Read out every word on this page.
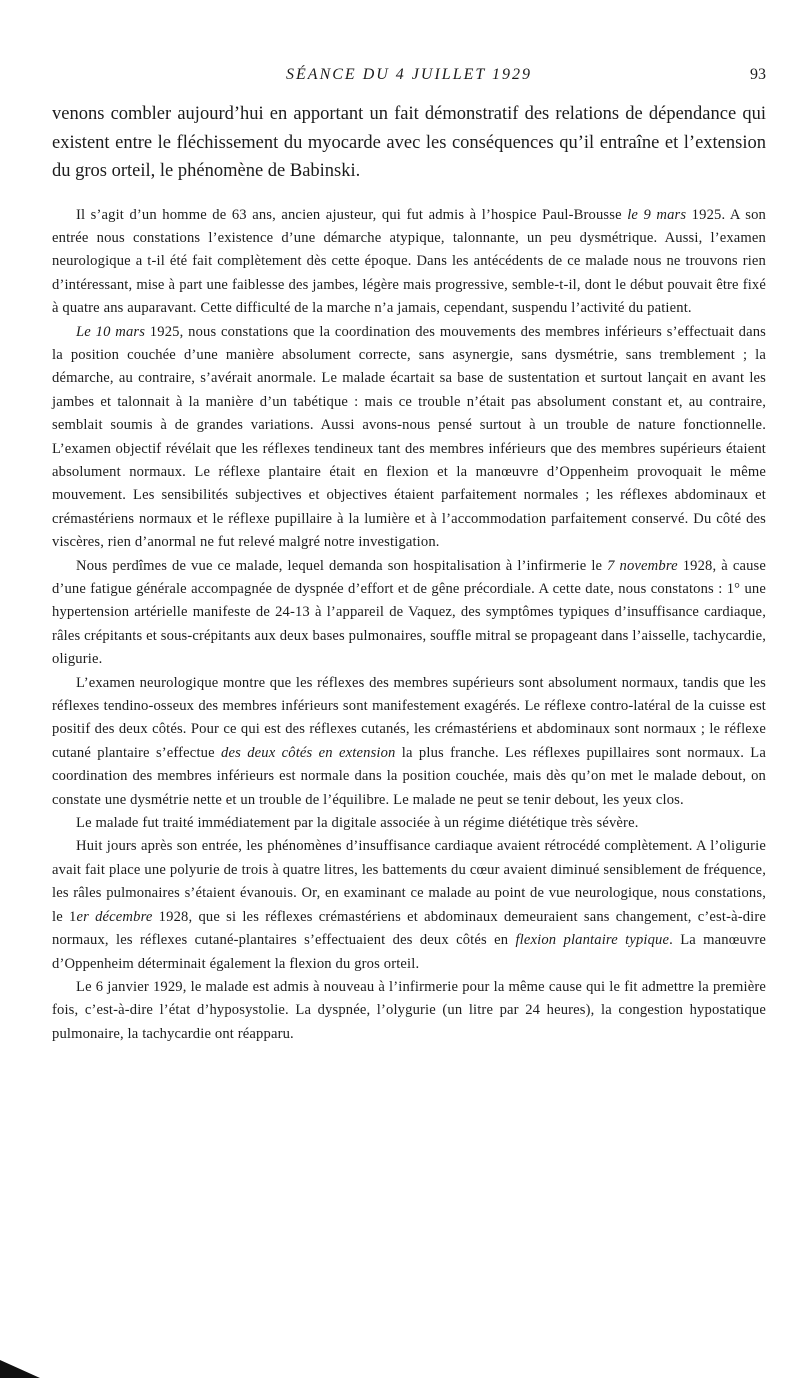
SÉANCE DU 4 JUILLET 1929	93

venons combler aujourd’hui en apportant un fait démonstratif des relations de dépendance qui existent entre le fléchissement du myocarde avec les conséquences qu’il entraîne et l’extension du gros orteil, le phénomène de Babinski.

Il s’agit d’un homme de 63 ans, ancien ajusteur, qui fut admis à l’hospice Paul-Brousse le 9 mars 1925. A son entrée nous constations l’existence d’une démarche atypique, talonnante, un peu dysmétrique. Aussi, l’examen neurologique a t-il été fait complètement dès cette époque. Dans les antécédents de ce malade nous ne trouvons rien d’intéressant, mise à part une faiblesse des jambes, légère mais progressive, semble-t-il, dont le début pouvait être fixé à quatre ans auparavant. Cette difficulté de la marche n’a jamais, cependant, suspendu l’activité du patient.

Le 10 mars 1925, nous constations que la coordination des mouvements des membres inférieurs s’effectuait dans la position couchée d’une manière absolument correcte, sans asynergie, sans dysmétrie, sans tremblement ; la démarche, au contraire, s’avérait anormale. Le malade écartait sa base de sustentation et surtout lançait en avant les jambes et talonnait à la manière d’un tabétique : mais ce trouble n’était pas absolument constant et, au contraire, semblait soumis à de grandes variations. Aussi avons-nous pensé surtout à un trouble de nature fonctionnelle. L’examen objectif révélait que les réflexes tendineux tant des membres inférieurs que des membres supérieurs étaient absolument normaux. Le réflexe plantaire était en flexion et la manœuvre d’Oppenheim provoquait le même mouvement. Les sensibilités subjectives et objectives étaient parfaitement normales ; les réflexes abdominaux et crémastériens normaux et le réflexe pupillaire à la lumière et à l’accommodation parfaitement conservé. Du côté des viscères, rien d’anormal ne fut relevé malgré notre investigation.

Nous perdîmes de vue ce malade, lequel demanda son hospitalisation à l’infirmerie le 7 novembre 1928, à cause d’une fatigue générale accompagnée de dyspnée d’effort et de gêne précordiale. A cette date, nous constatons : 1° une hypertension artérielle manifeste de 24-13 à l’appareil de Vaquez, des symptômes typiques d’insuffisance cardiaque, râles crépitants et sous-crépitants aux deux bases pulmonaires, souffle mitral se propageant dans l’aisselle, tachycardie, oligurie.

L’examen neurologique montre que les réflexes des membres supérieurs sont absolument normaux, tandis que les réflexes tendino-osseux des membres inférieurs sont manifestement exagérés. Le réflexe contro-latéral de la cuisse est positif des deux côtés. Pour ce qui est des réflexes cutanés, les crémastériens et abdominaux sont normaux ; le réflexe cutané plantaire s’effectue des deux côtés en extension la plus franche. Les réflexes pupillaires sont normaux. La coordination des membres inférieurs est normale dans la position couchée, mais dès qu’on met le malade debout, on constate une dysmétrie nette et un trouble de l’équilibre. Le malade ne peut se tenir debout, les yeux clos.

Le malade fut traité immédiatement par la digitale associée à un régime diététique très sévère.

Huit jours après son entrée, les phénomènes d’insuffisance cardiaque avaient rétrocédé complètement. A l’oligurie avait fait place une polyurie de trois à quatre litres, les battements du cœur avaient diminué sensiblement de fréquence, les râles pulmonaires s’étaient évanouis. Or, en examinant ce malade au point de vue neurologique, nous constations, le 1er décembre 1928, que si les réflexes crémastériens et abdominaux demeuraient sans changement, c’est-à-dire normaux, les réflexes cutané-plantaires s’effectuaient des deux côtés en flexion plantaire typique. La manœuvre d’Oppenheim déterminait également la flexion du gros orteil.

Le 6 janvier 1929, le malade est admis à nouveau à l’infirmerie pour la même cause qui le fit admettre la première fois, c’est-à-dire l’état d’hyposystolie. La dyspnée, l’olygurie (un litre par 24 heures), la congestion hypostatique pulmonaire, la tachycardie ont réapparu.
